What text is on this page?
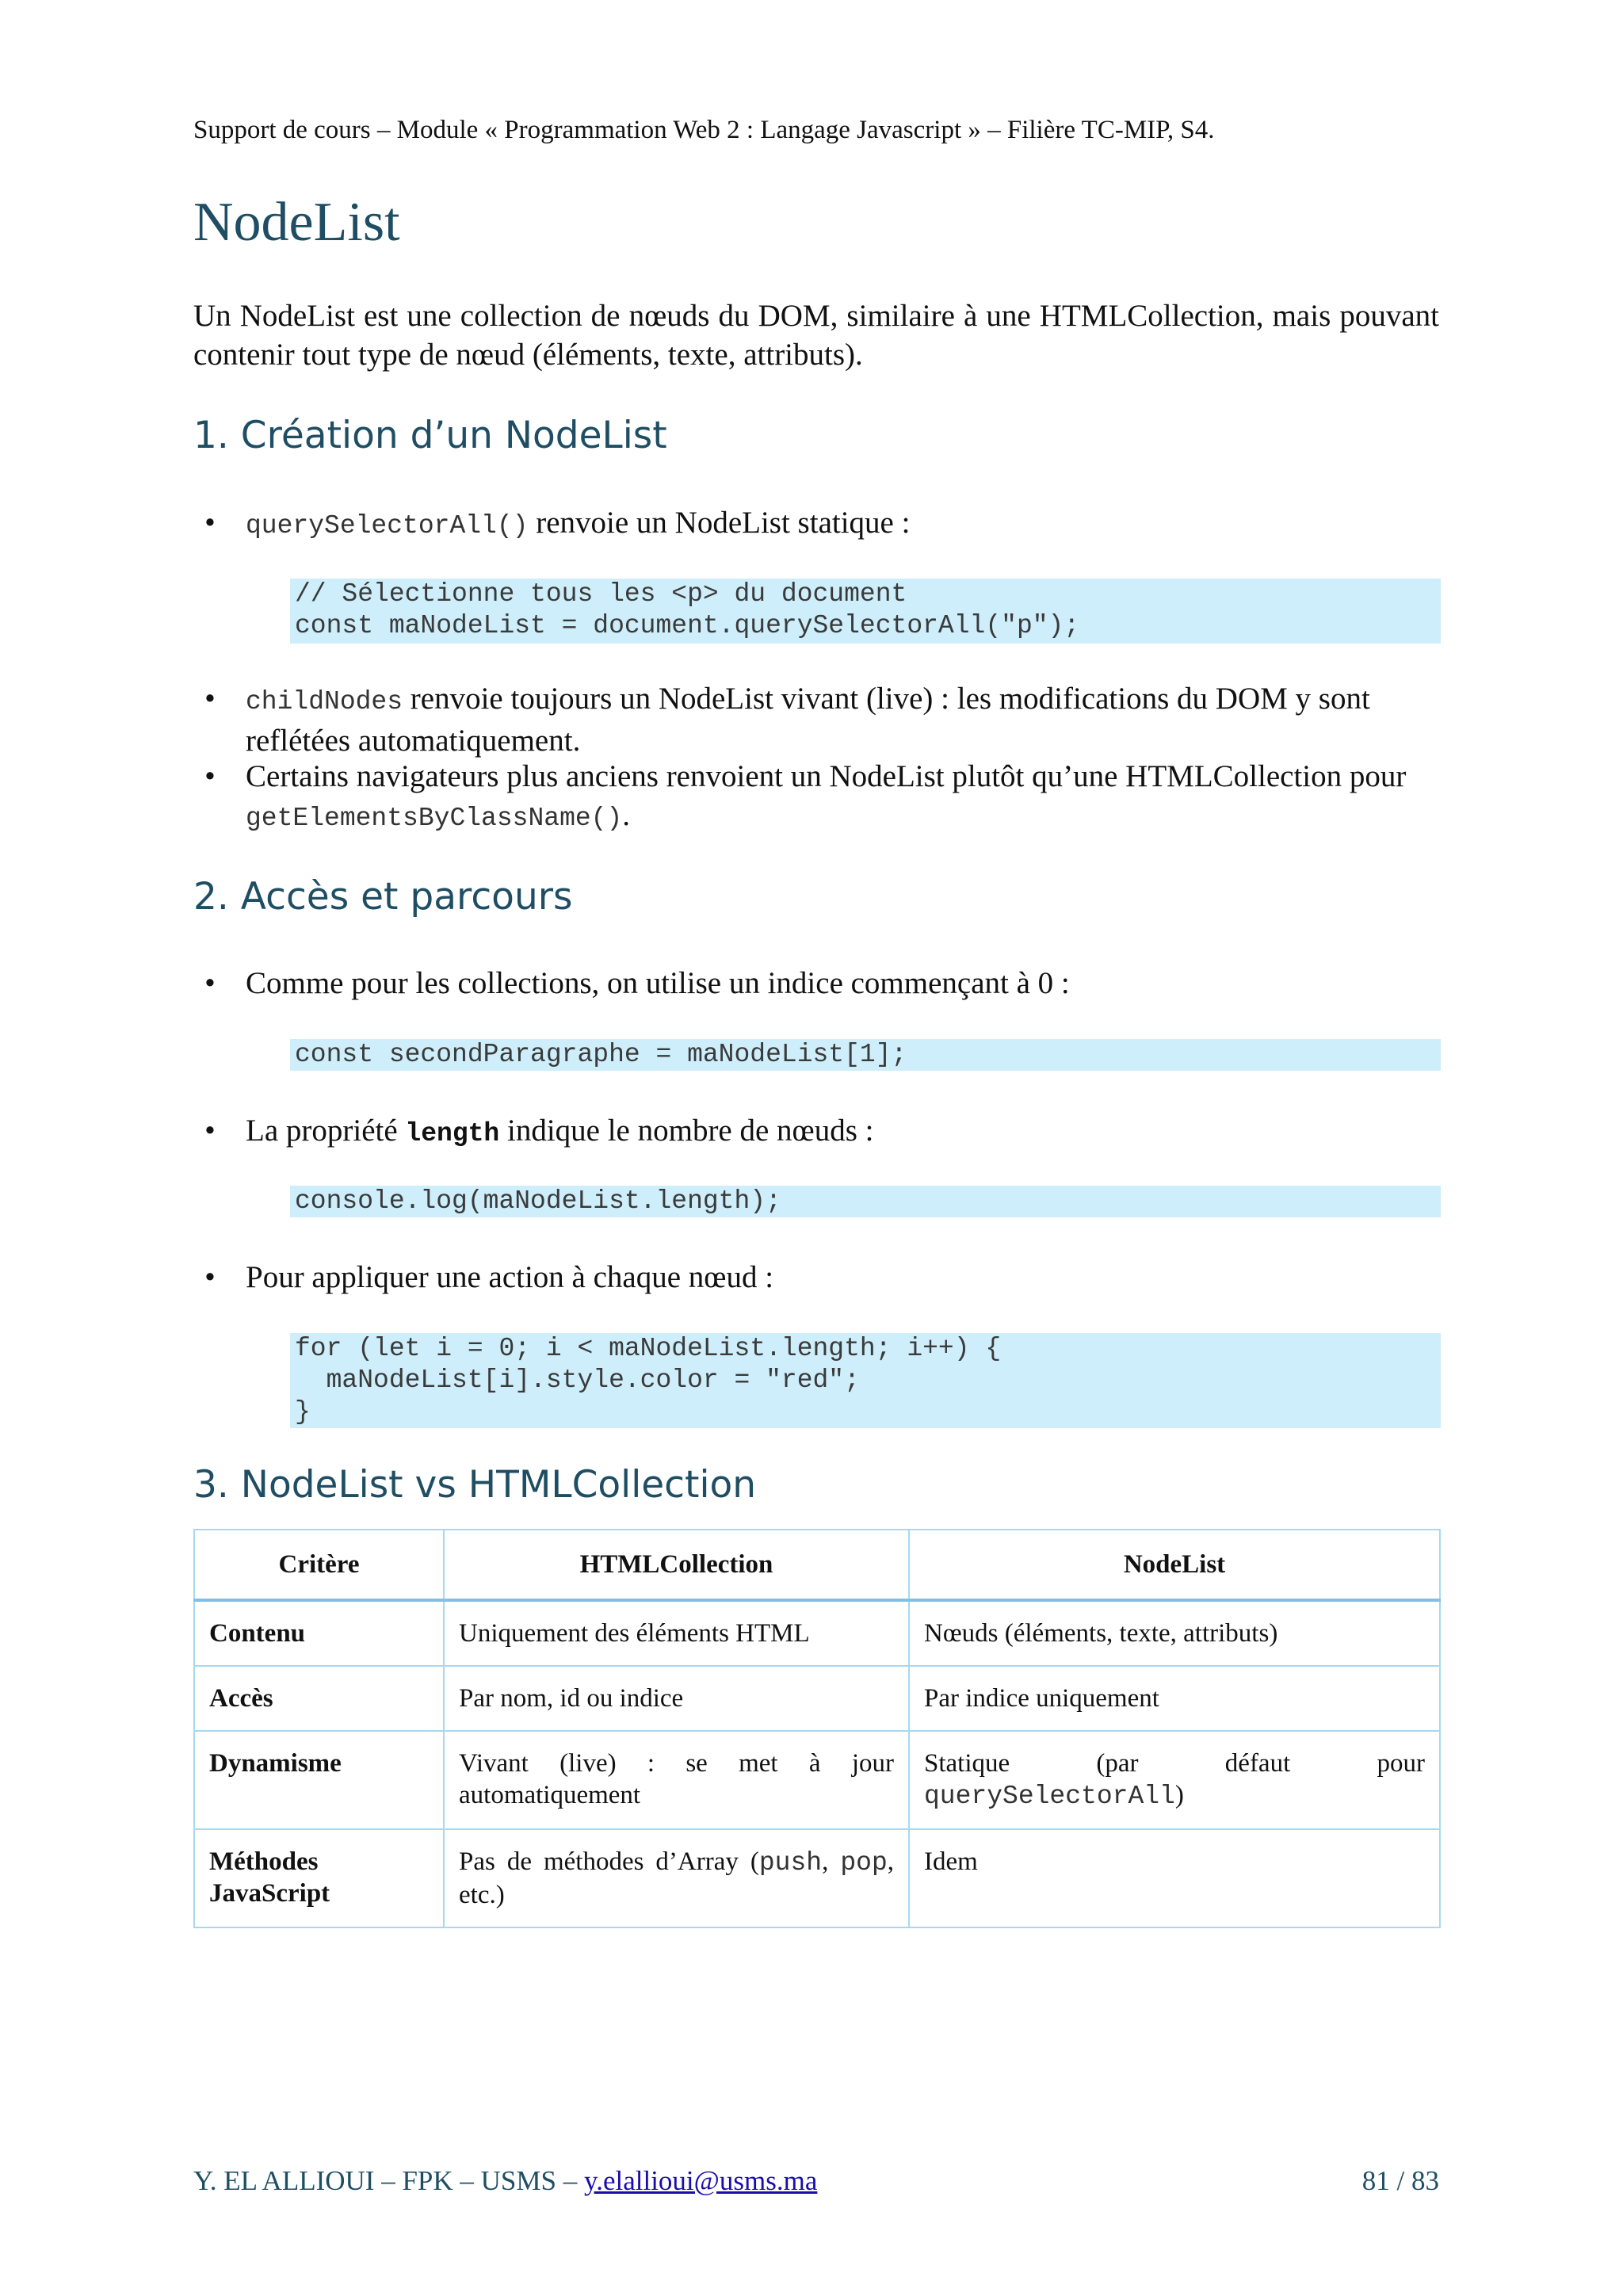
Support de cours – Module « Programmation Web 2 : Langage Javascript » – Filière TC-MIP, S4.
NodeList
Un NodeList est une collection de nœuds du DOM, similaire à une HTMLCollection, mais pouvant contenir tout type de nœud (éléments, texte, attributs).
1. Création d’un NodeList
• querySelectorAll() renvoie un NodeList statique :
// Sélectionne tous les <p> du document
const maNodeList = document.querySelectorAll("p");
• childNodes renvoie toujours un NodeList vivant (live) : les modifications du DOM y sont reflétées automatiquement.
• Certains navigateurs plus anciens renvoient un NodeList plutôt qu’une HTMLCollection pour getElementsByClassName().
2. Accès et parcours
• Comme pour les collections, on utilise un indice commençant à 0 :
const secondParagraphe = maNodeList[1];
• La propriété length indique le nombre de nœuds :
console.log(maNodeList.length);
• Pour appliquer une action à chaque nœud :
for (let i = 0; i < maNodeList.length; i++) {
maNodeList[i].style.color = "red";
}
3. NodeList vs HTMLCollection
Critère	HTMLCollection	NodeList
Contenu	Uniquement des éléments HTML	Nœuds (éléments, texte, attributs)
Accès	Par nom, id ou indice	Par indice uniquement
Dynamisme	Vivant (live) : se met à jour automatiquement	Statique (par défaut pour querySelectorAll)
Méthodes JavaScript	Pas de méthodes d’Array (push, pop, etc.)	Idem
Y. EL ALLIOUI – FPK – USMS – y.elallioui@usms.ma	81 / 83
